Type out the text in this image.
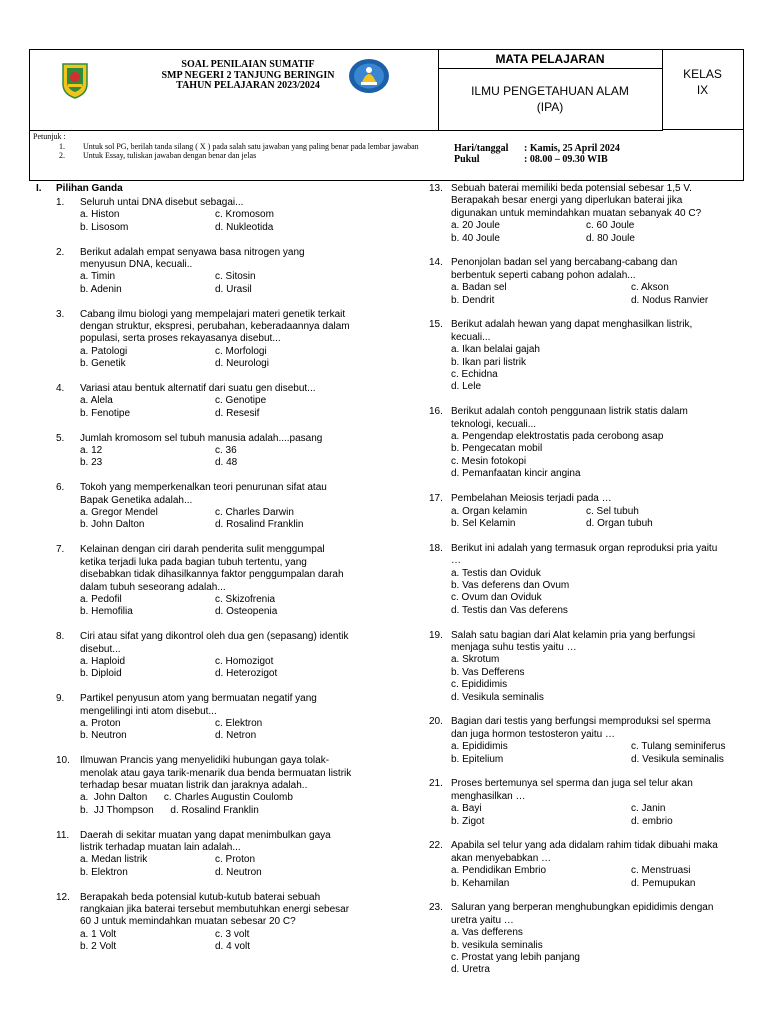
SOAL PENILAIAN SUMATIF
SMP NEGERI 2 TANJUNG BERINGIN
TAHUN PELAJARAN 2023/2024
MATA PELAJARAN
ILMU PENGETAHUAN ALAM
(IPA)
KELAS
IX
Petunjuk :
1. Untuk sol PG, berilah tanda silang ( X ) pada salah satu jawaban yang paling benar pada lembar jawaban
2. Untuk Essay, tuliskan jawaban dengan benar dan jelas
Hari/tanggal : Kamis, 25 April 2024
Pukul	: 08.00 – 09.30 WIB
I. Pilihan Ganda
1. Seluruh untai DNA disebut sebagai...
a. Histon	c. Kromosom
b. Lisosom	d. Nukleotida
2. Berikut adalah empat senyawa basa nitrogen yang
menyusun DNA, kecuali..
a. Timin	c. Sitosin
b. Adenin	d. Urasil
3. Cabang ilmu biologi yang mempelajari materi genetik terkait
dengan struktur, ekspresi, perubahan, keberadaannya dalam
populasi, serta proses rekayasanya disebut...
a. Patologi	c. Morfologi
b. Genetik	d. Neurologi
4. Variasi atau bentuk alternatif dari suatu gen disebut...
a. Alela	c. Genotipe
b. Fenotipe	d. Resesif
5. Jumlah kromosom sel tubuh manusia adalah....pasang
a. 12	c. 36
b. 23	d. 48
6. Tokoh yang memperkenalkan teori penurunan sifat atau
Bapak Genetika adalah...
a. Gregor Mendel	c. Charles Darwin
b. John Dalton	d. Rosalind Franklin
7. Kelainan dengan ciri darah penderita sulit menggumpal
ketika terjadi luka pada bagian tubuh tertentu, yang
disebabkan tidak dihasilkannya faktor penggumpalan darah
dalam tubuh seseorang adalah...
a. Pedofil	c. Skizofrenia
b. Hemofilia	d. Osteopenia
8. Ciri atau sifat yang dikontrol oleh dua gen (sepasang) identik
disebut...
a. Haploid	c. Homozigot
b. Diploid	d. Heterozigot
9. Partikel penyusun atom yang bermuatan negatif yang
mengelilingi inti atom disebut...
a. Proton	c. Elektron
b. Neutron	d. Netron
10. Ilmuwan Prancis yang menyelidiki hubungan gaya tolak-
menolak atau gaya tarik-menarik dua benda bermuatan listrik
terhadap besar muatan listrik dan jaraknya adalah..
a.  John Dalton      c. Charles Augustin Coulomb
b.  JJ Thompson      d. Rosalind Franklin
11. Daerah di sekitar muatan yang dapat menimbulkan gaya
listrik terhadap muatan lain adalah...
a. Medan listrik	c. Proton
b. Elektron	d. Neutron
12. Berapakah beda potensial kutub-kutub baterai sebuah
rangkaian jika baterai tersebut membutuhkan energi sebesar
60 J untuk memindahkan muatan sebesar 20 C?
a. 1 Volt	c. 3 volt
b. 2 Volt	d. 4 volt
13. Sebuah baterai memiliki beda potensial sebesar 1,5 V.
Berapakah besar energi yang diperlukan baterai jika
digunakan untuk memindahkan muatan sebanyak 40 C?
a. 20 Joule	c. 60 Joule
b. 40 Joule	d. 80 Joule
14. Penonjolan badan sel yang bercabang-cabang dan
berbentuk seperti cabang pohon adalah...
a. Badan sel	c. Akson
b. Dendrit	d. Nodus Ranvier
15. Berikut adalah hewan yang dapat menghasilkan listrik,
kecuali...
a. Ikan belalai gajah
b. Ikan pari listrik
c. Echidna
d. Lele
16. Berikut adalah contoh penggunaan listrik statis dalam
teknologi, kecuali...
a. Pengendap elektrostatis pada cerobong asap
b. Pengecatan mobil
c. Mesin fotokopi
d. Pemanfaatan kincir angina
17. Pembelahan Meiosis terjadi pada …
a. Organ kelamin	c. Sel tubuh
b. Sel Kelamin	d. Organ tubuh
18. Berikut ini adalah yang termasuk organ reproduksi pria yaitu
…
a. Testis dan Oviduk
b. Vas deferens dan Ovum
c. Ovum dan Oviduk
d. Testis dan Vas deferens
19. Salah satu bagian dari Alat kelamin pria yang berfungsi
menjaga suhu testis yaitu …
a. Skrotum
b. Vas Defferens
c. Epididimis
d. Vesikula seminalis
20. Bagian dari testis yang berfungsi memproduksi sel sperma
dan juga hormon testosteron yaitu …
a. Epididimis	c. Tulang seminiferus
b. Epitelium	d. Vesikula seminalis
21. Proses bertemunya sel sperma dan juga sel telur akan
menghasilkan …
a. Bayi	c. Janin
b. Zigot	d. embrio
22. Apabila sel telur yang ada didalam rahim tidak dibuahi maka
akan menyebabkan …
a. Pendidikan Embrio	c. Menstruasi
b. Kehamilan	d. Pemupukan
23. Saluran yang berperan menghubungkan epididimis dengan
uretra yaitu …
a. Vas defferens
b. vesikula seminalis
c. Prostat yang lebih panjang
d. Uretra
